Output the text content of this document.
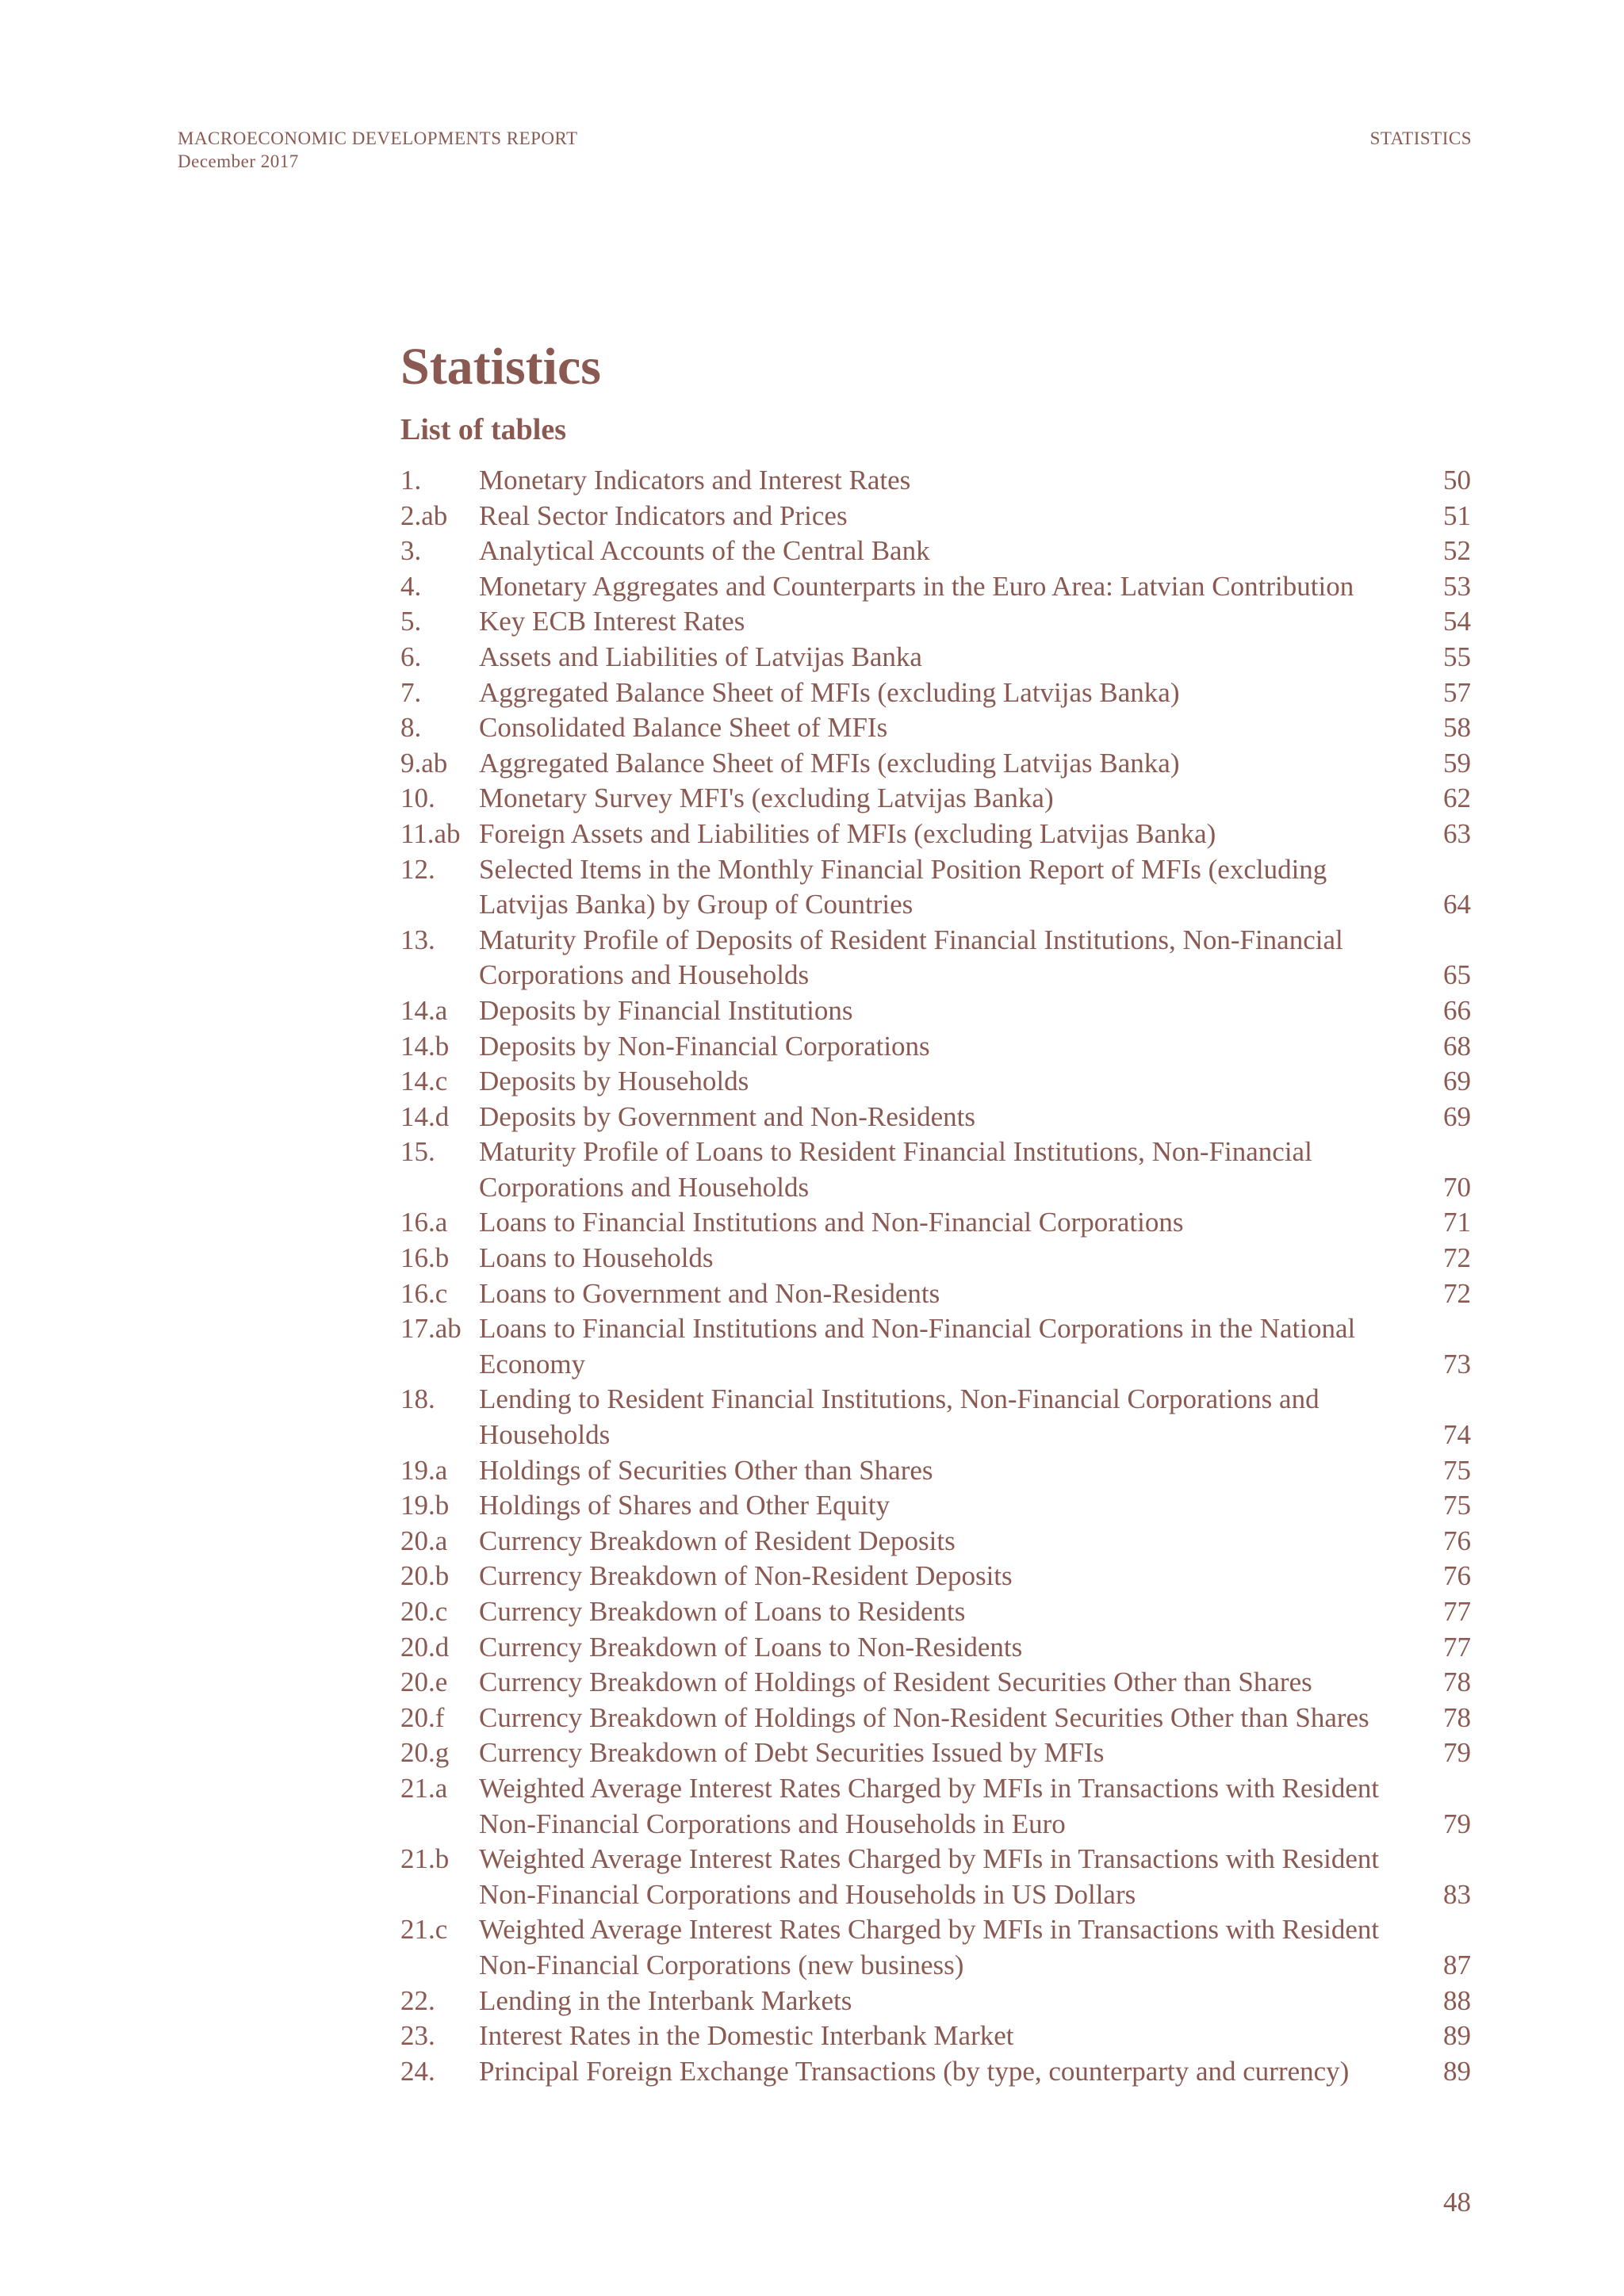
MACROECONOMIC DEVELOPMENTS REPORT
December 2017
STATISTICS
Statistics
List of tables
1.	Monetary Indicators and Interest Rates	50
2.ab	Real Sector Indicators and Prices	51
3.	Analytical Accounts of the Central Bank	52
4.	Monetary Aggregates and Counterparts in the Euro Area: Latvian Contribution	53
5.	Key ECB Interest Rates	54
6.	Assets and Liabilities of Latvijas Banka	55
7.	Aggregated Balance Sheet of MFIs (excluding Latvijas Banka)	57
8.	Consolidated Balance Sheet of MFIs	58
9.ab	Aggregated Balance Sheet of MFIs (excluding Latvijas Banka)	59
10.	Monetary Survey MFI's (excluding Latvijas Banka)	62
11.ab Foreign Assets and Liabilities of MFIs (excluding Latvijas Banka)	63
12.	Selected Items in the Monthly Financial Position Report of MFIs (excluding Latvijas Banka) by Group of Countries	64
13.	Maturity Profile of Deposits of Resident Financial Institutions, Non-Financial Corporations and Households	65
14.a	Deposits by Financial Institutions	66
14.b	Deposits by Non-Financial Corporations	68
14.c	Deposits by Households	69
14.d	Deposits by Government and Non-Residents	69
15.	Maturity Profile of Loans to Resident Financial Institutions, Non-Financial Corporations and Households	70
16.a	Loans to Financial Institutions and Non-Financial Corporations	71
16.b	Loans to Households	72
16.c	Loans to Government and Non-Residents	72
17.ab Loans to Financial Institutions and Non-Financial Corporations in the National Economy	73
18.	Lending to Resident Financial Institutions, Non-Financial Corporations and Households	74
19.a	Holdings of Securities Other than Shares	75
19.b	Holdings of Shares and Other Equity	75
20.a	Currency Breakdown of Resident Deposits	76
20.b	Currency Breakdown of Non-Resident Deposits	76
20.c	Currency Breakdown of Loans to Residents	77
20.d	Currency Breakdown of Loans to Non-Residents	77
20.e	Currency Breakdown of Holdings of Resident Securities Other than Shares	78
20.f	Currency Breakdown of Holdings of Non-Resident Securities Other than Shares	78
20.g	Currency Breakdown of Debt Securities Issued by MFIs	79
21.a	Weighted Average Interest Rates Charged by MFIs in Transactions with Resident Non-Financial Corporations and Households in Euro	79
21.b	Weighted Average Interest Rates Charged by MFIs in Transactions with Resident Non-Financial Corporations and Households in US Dollars	83
21.c	Weighted Average Interest Rates Charged by MFIs in Transactions with Resident Non-Financial Corporations (new business)	87
22.	Lending in the Interbank Markets	88
23.	Interest Rates in the Domestic Interbank Market	89
24.	Principal Foreign Exchange Transactions (by type, counterparty and currency)	89
48
